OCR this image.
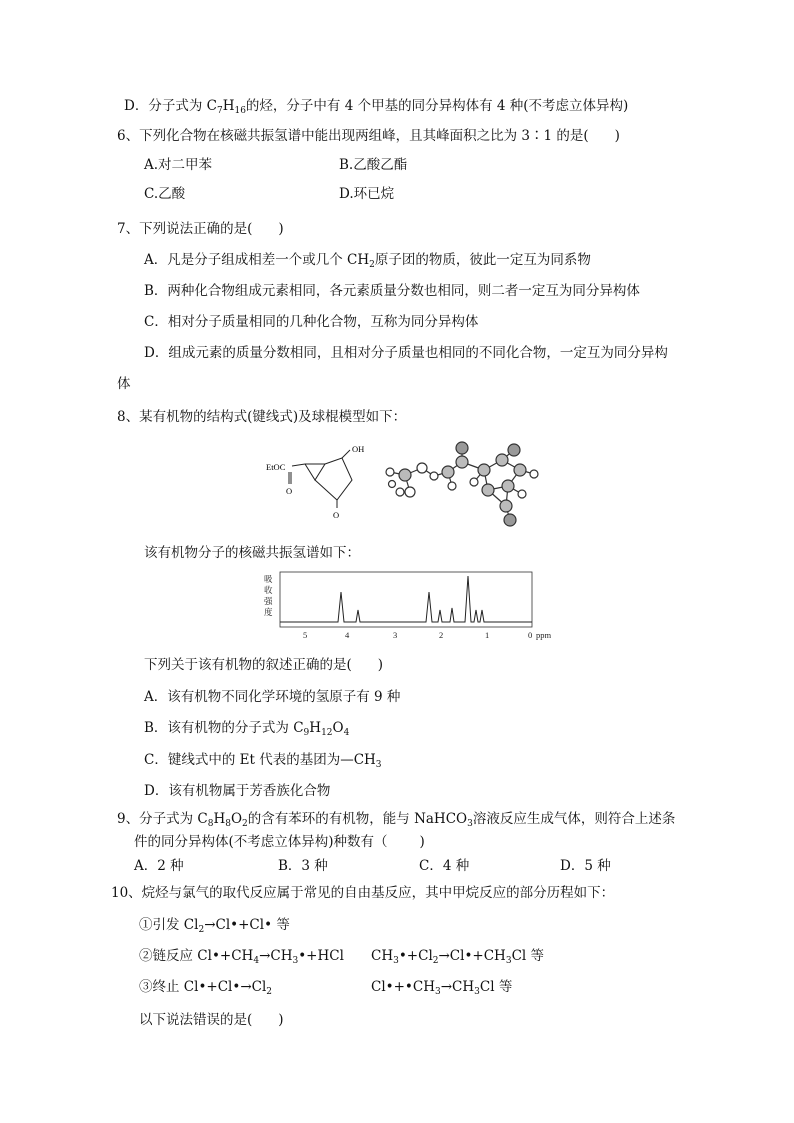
D．分子式为 $C_7H_{16}$的烃，分子中有 4 个甲基的同分异构体有 4 种(不考虑立体异构)
6、下列化合物在核磁共振氢谱中能出现两组峰，且其峰面积之比为 3∶1 的是( )
A.对二甲苯	B.乙酸乙酯
C.乙酸	D.环已烷
7、下列说法正确的是( )
A．凡是分子组成相差一个或几个 $CH_2$原子团的物质，彼此一定互为同系物
B．两种化合物组成元素相同，各元素质量分数也相同，则二者一定互为同分异构体
C．相对分子质量相同的几种化合物，互称为同分异构体
D．组成元素的质量分数相同，且相对分子质量也相同的不同化合物，一定互为同分异构
体
8、某有机物的结构式(键线式)及球棍模型如下：
EtOC
O
OH
O
该有机物分子的核磁共振氢谱如下：
吸
收
强
度
5	4	3	2	1	0 ppm
下列关于该有机物的叙述正确的是( )
A．该有机物不同化学环境的氢原子有 9 种
B．该有机物的分子式为 $C_9H_{12}O_4$
C．键线式中的 Et 代表的基团为$—CH_3$
D．该有机物属于芳香族化合物
9、分子式为 $C_8H_8O_2$的含有苯环的有机物，能与 NaHCO$_3$溶液反应生成气体，则符合上述条
件的同分异构体(不考虑立体异构)种数有（ )
A．2 种	B．3 种	C．4 种	D．5 种
10、烷烃与氯气的取代反应属于常见的自由基反应，其中甲烷反应的部分历程如下：
①引发 $Cl_2\to Cl•+Cl•$ 等
②链反应 $Cl•+CH_4\to CH_3•+HCl$ $CH_3•+Cl_2\to Cl•+CH_3Cl$ 等
③终止 $Cl•+Cl•\to Cl_2$	$Cl•+•CH_3\to CH_3Cl$ 等
以下说法错误的是( )
